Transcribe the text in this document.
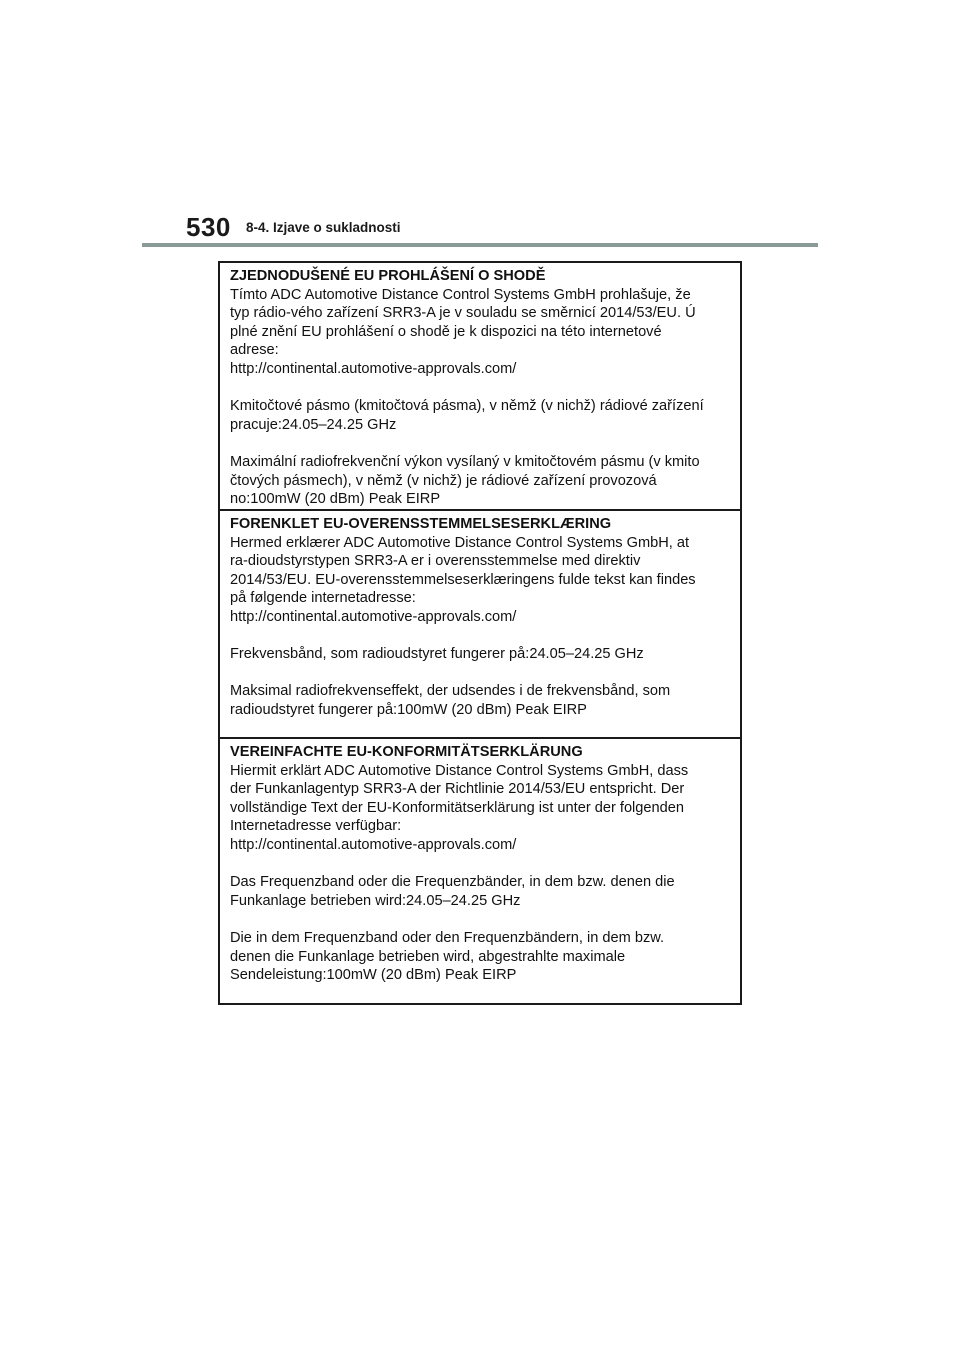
530 8-4. Izjave o sukladnosti

ZJEDNODUŠENÉ EU PROHLÁŠENÍ O SHODĚ

Tímto ADC Automotive Distance Control Systems GmbH prohlašuje, že

typ rádio-vého zařízení SRR3-A je v souladu se směrnicí 2014/53/EU. Ú

plné znění EU prohlášení o shodě je k dispozici na této internetové

adrese:

http://continental.automotive-approvals.com/

Kmitočtové pásmo (kmitočtová pásma), v němž (v nichž) rádiové zařízení

pracuje:24.05–24.25 GHz

Maximální radiofrekvenční výkon vysílaný v kmitočtovém pásmu (v kmito

čtových pásmech), v němž (v nichž) je rádiové zařízení provozová

no:100mW (20 dBm) Peak EIRP

FORENKLET EU-OVERENSSTEMMELSESERKLÆRING

Hermed erklærer ADC Automotive Distance Control Systems GmbH, at

ra-dioudstyrstypen SRR3-A er i overensstemmelse med direktiv

2014/53/EU. EU-overensstemmelseserklæringens fulde tekst kan findes

på følgende internetadresse:

http://continental.automotive-approvals.com/

Frekvensbånd, som radioudstyret fungerer på:24.05–24.25 GHz

Maksimal radiofrekvenseffekt, der udsendes i de frekvensbånd, som

radioudstyret fungerer på:100mW (20 dBm) Peak EIRP

VEREINFACHTE EU-KONFORMITÄTSERKLÄRUNG

Hiermit erklärt ADC Automotive Distance Control Systems GmbH, dass

der Funkanlagentyp SRR3-A der Richtlinie 2014/53/EU entspricht. Der

vollständige Text der EU-Konformitätserklärung ist unter der folgenden

Internetadresse verfügbar:

http://continental.automotive-approvals.com/

Das Frequenzband oder die Frequenzbänder, in dem bzw. denen die

Funkanlage betrieben wird:24.05–24.25 GHz

Die in dem Frequenzband oder den Frequenzbändern, in dem bzw.

denen die Funkanlage betrieben wird, abgestrahlte maximale

Sendeleistung:100mW (20 dBm) Peak EIRP
